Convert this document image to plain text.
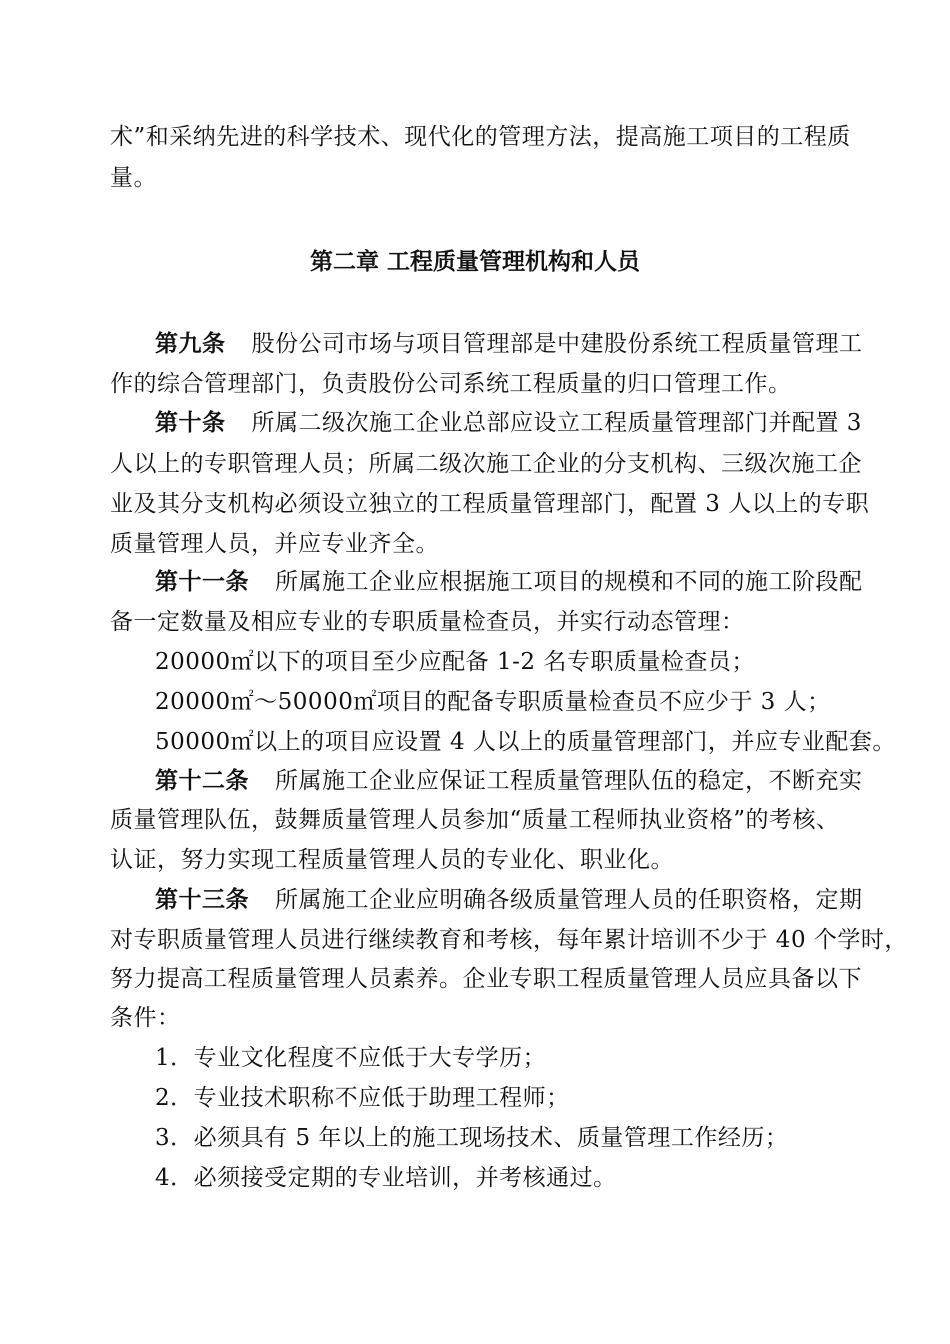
术”和采纳先进的科学技术、现代化的管理方法，提高施工项目的工程质
量。
第二章 工程质量管理机构和人员
第九条 股份公司市场与项目管理部是中建股份系统工程质量管理工
作的综合管理部门，负责股份公司系统工程质量的归口管理工作。
第十条 所属二级次施工企业总部应设立工程质量管理部门并配置 3
人以上的专职管理人员；所属二级次施工企业的分支机构、三级次施工企
业及其分支机构必须设立独立的工程质量管理部门，配置 3 人以上的专职
质量管理人员，并应专业齐全。
第十一条 所属施工企业应根据施工项目的规模和不同的施工阶段配
备一定数量及相应专业的专职质量检查员，并实行动态管理：
20000㎡以下的项目至少应配备 1-2 名专职质量检查员；
20000㎡～50000㎡项目的配备专职质量检查员不应少于 3 人；
50000㎡以上的项目应设置 4 人以上的质量管理部门，并应专业配套。
第十二条 所属施工企业应保证工程质量管理队伍的稳定，不断充实
质量管理队伍，鼓舞质量管理人员参加“质量工程师执业资格”的考核、
认证，努力实现工程质量管理人员的专业化、职业化。
第十三条 所属施工企业应明确各级质量管理人员的任职资格，定期
对专职质量管理人员进行继续教育和考核，每年累计培训不少于 40 个学时，
努力提高工程质量管理人员素养。企业专职工程质量管理人员应具备以下
条件：
1．专业文化程度不应低于大专学历；
2．专业技术职称不应低于助理工程师；
3．必须具有 5 年以上的施工现场技术、质量管理工作经历；
4．必须接受定期的专业培训，并考核通过。
